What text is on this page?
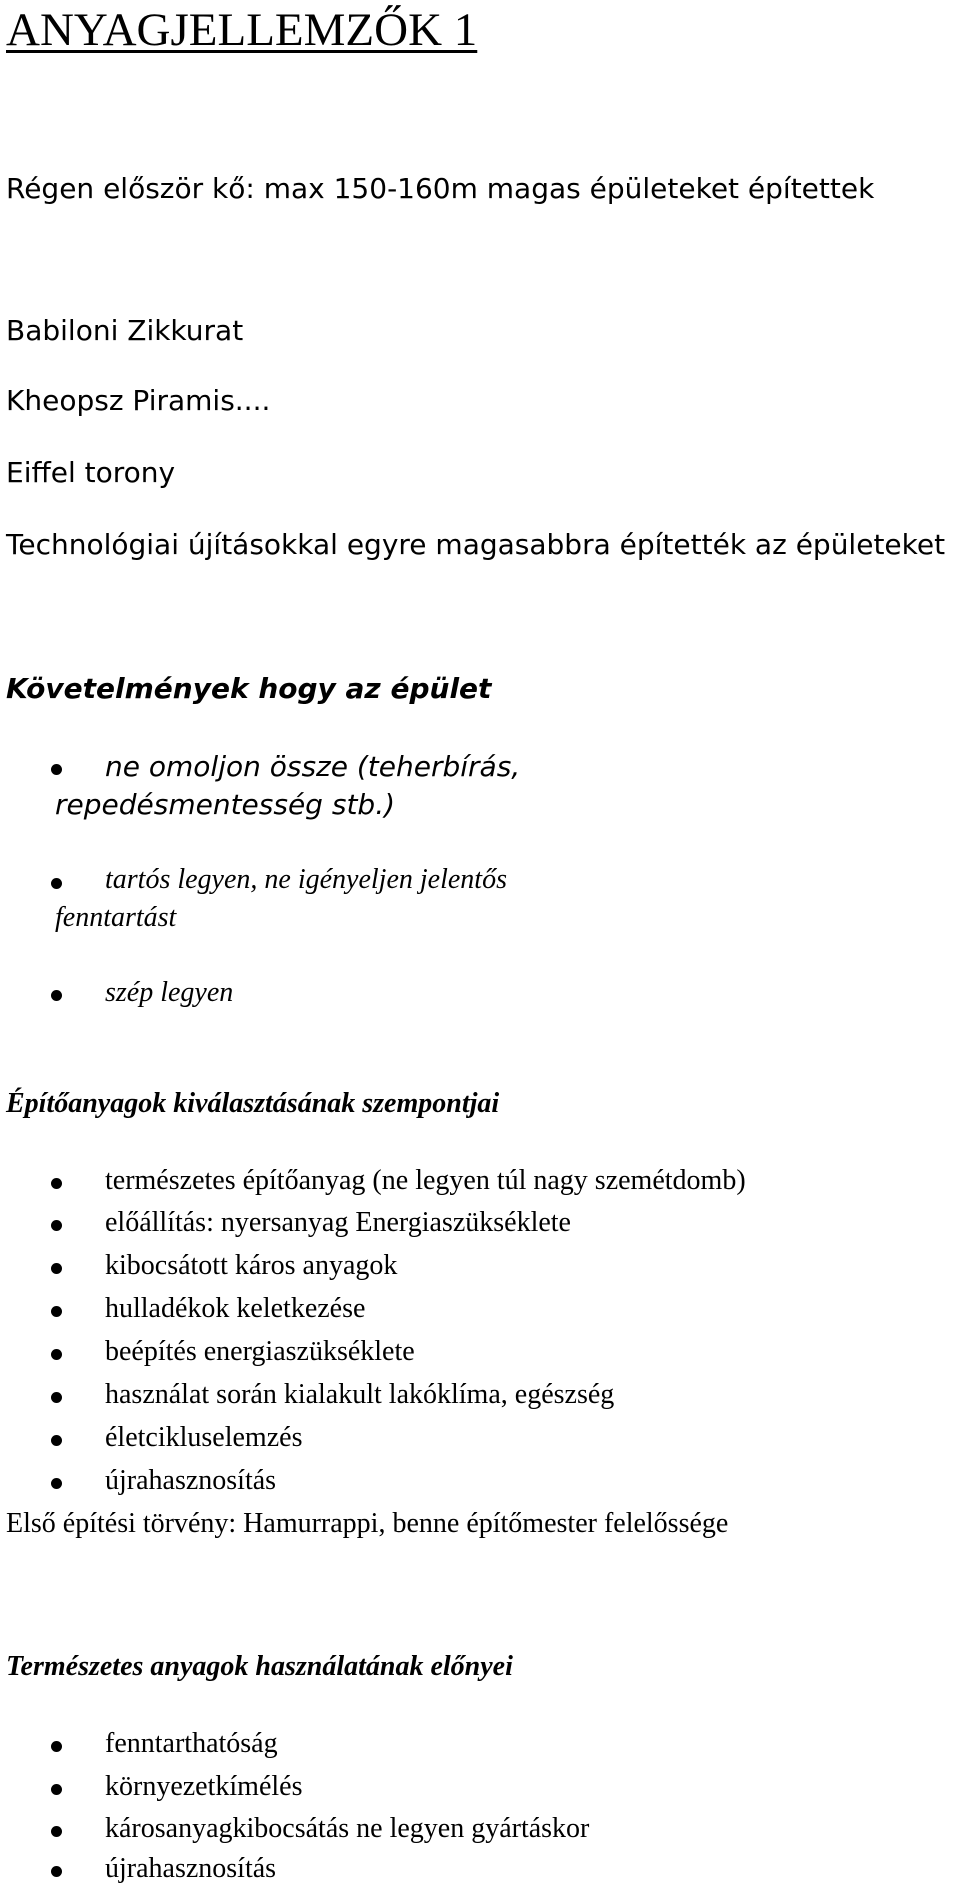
ANYAGJELLEMZŐK 1
Régen először kő: max 150-160m magas épületeket építettek
Babiloni Zikkurat
Kheopsz Piramis....
Eiffel torony
Technológiai újításokkal egyre magasabbra építették az épületeket
Követelmények hogy az épület
ne omoljon össze (teherbírás,
repedésmentesség stb.)
tartós legyen, ne igényeljen jelentős
fenntartást
szép legyen
Építőanyagok kiválasztásának szempontjai
természetes építőanyag (ne legyen túl nagy szemétdomb)
előállítás: nyersanyag Energiaszükséklete
kibocsátott káros anyagok
hulladékok keletkezése
beépítés energiaszükséklete
használat során kialakult lakóklíma, egészség
életcikluselemzés
újrahasznosítás
Első építési törvény: Hamurrappi, benne építőmester felelőssége
Természetes anyagok használatának előnyei
fenntarthatóság
környezetkímélés
károsanyagkibocsátás ne legyen gyártáskor
újrahasznosítás
